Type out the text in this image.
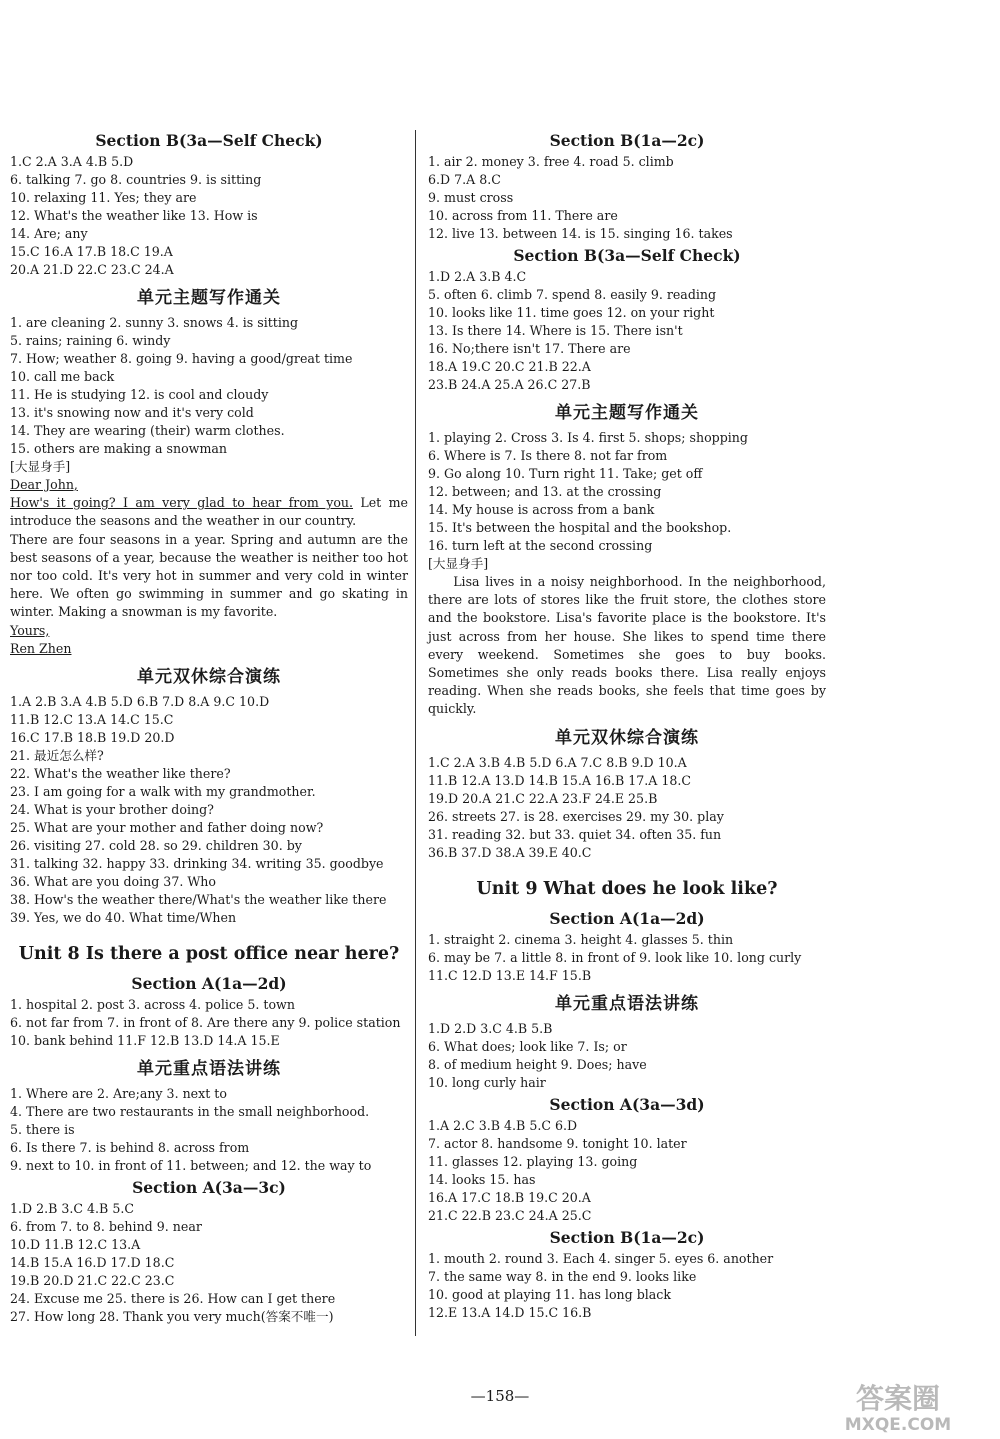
Section B(3a—Self Check)
1.C 2.A 3.A 4.B 5.D
6. talking 7. go 8. countries 9. is sitting
10. relaxing 11. Yes; they are
12. What's the weather like 13. How is
14. Are; any
15.C 16.A 17.B 18.C 19.A
20.A 21.D 22.C 23.C 24.A
单元主题写作通关
1. are cleaning 2. sunny 3. snows 4. is sitting
5. rains; raining 6. windy
7. How; weather 8. going 9. having a good/great time
10. call me back
11. He is studying 12. is cool and cloudy
13. it's snowing now and it's very cold
14. They are wearing (their) warm clothes.
15. others are making a snowman
[大显身手]

Dear John,

How's it going? I am very glad to hear from you. Let me introduce the seasons and the weather in our country.

There are four seasons in a year. Spring and autumn are the best seasons of a year, because the weather is neither too hot nor too cold. It's very hot in summer and very cold in winter here. We often go swimming in summer and go skating in winter. Making a snowman is my favorite.

Yours,

Ren Zhen

单元双休综合演练
1.A 2.B 3.A 4.B 5.D 6.B 7.D 8.A 9.C 10.D
11.B 12.C 13.A 14.C 15.C
16.C 17.B 18.B 19.D 20.D
21. 最近怎么样?
22. What's the weather like there?
23. I am going for a walk with my grandmother.
24. What is your brother doing?
25. What are your mother and father doing now?
26. visiting 27. cold 28. so 29. children 30. by
31. talking 32. happy 33. drinking 34. writing 35. goodbye
36. What are you doing 37. Who
38. How's the weather there/What's the weather like there
39. Yes, we do 40. What time/When
Unit 8 Is there a post office near here?
Section A(1a—2d)
1. hospital 2. post 3. across 4. police 5. town
6. not far from 7. in front of 8. Are there any 9. police station
10. bank behind 11.F 12.B 13.D 14.A 15.E
单元重点语法讲练
1. Where are 2. Are;any 3. next to
4. There are two restaurants in the small neighborhood.
5. there is
6. Is there 7. is behind 8. across from
9. next to 10. in front of 11. between; and 12. the way to
Section A(3a—3c)
1.D 2.B 3.C 4.B 5.C
6. from 7. to 8. behind 9. near
10.D 11.B 12.C 13.A
14.B 15.A 16.D 17.D 18.C
19.B 20.D 21.C 22.C 23.C
24. Excuse me 25. there is 26. How can I get there
27. How long 28. Thank you very much(答案不唯一)
Section B(1a—2c)
1. air 2. money 3. free 4. road 5. climb
6.D 7.A 8.C
9. must cross
10. across from 11. There are
12. live 13. between 14. is 15. singing 16. takes
Section B(3a—Self Check)
1.D 2.A 3.B 4.C
5. often 6. climb 7. spend 8. easily 9. reading
10. looks like 11. time goes 12. on your right
13. Is there 14. Where is 15. There isn't
16. No;there isn't 17. There are
18.A 19.C 20.C 21.B 22.A
23.B 24.A 25.A 26.C 27.B
单元主题写作通关
1. playing 2. Cross 3. Is 4. first 5. shops; shopping
6. Where is 7. Is there 8. not far from
9. Go along 10. Turn right 11. Take; get off
12. between; and 13. at the crossing
14. My house is across from a bank
15. It's between the hospital and the bookshop.
16. turn left at the second crossing
[大显身手]

Lisa lives in a noisy neighborhood. In the neighborhood, there are lots of stores like the fruit store, the clothes store and the bookstore. Lisa's favorite place is the bookstore. It's just across from her house. She likes to spend time there every weekend. Sometimes she goes to buy books. Sometimes she only reads books there. Lisa really enjoys reading. When she reads books, she feels that time goes by quickly.

单元双休综合演练
1.C 2.A 3.B 4.B 5.D 6.A 7.C 8.B 9.D 10.A
11.B 12.A 13.D 14.B 15.A 16.B 17.A 18.C
19.D 20.A 21.C 22.A 23.F 24.E 25.B
26. streets 27. is 28. exercises 29. my 30. play
31. reading 32. but 33. quiet 34. often 35. fun
36.B 37.D 38.A 39.E 40.C
Unit 9 What does he look like?
Section A(1a—2d)
1. straight 2. cinema 3. height 4. glasses 5. thin
6. may be 7. a little 8. in front of 9. look like 10. long curly
11.C 12.D 13.E 14.F 15.B
单元重点语法讲练
1.D 2.D 3.C 4.B 5.B
6. What does; look like 7. Is; or
8. of medium height 9. Does; have
10. long curly hair
Section A(3a—3d)
1.A 2.C 3.B 4.B 5.C 6.D
7. actor 8. handsome 9. tonight 10. later
11. glasses 12. playing 13. going
14. looks 15. has
16.A 17.C 18.B 19.C 20.A
21.C 22.B 23.C 24.A 25.C
Section B(1a—2c)
1. mouth 2. round 3. Each 4. singer 5. eyes 6. another
7. the same way 8. in the end 9. looks like
10. good at playing 11. has long black
12.E 13.A 14.D 15.C 16.B
—158—	答案圈
MXQE.COM
